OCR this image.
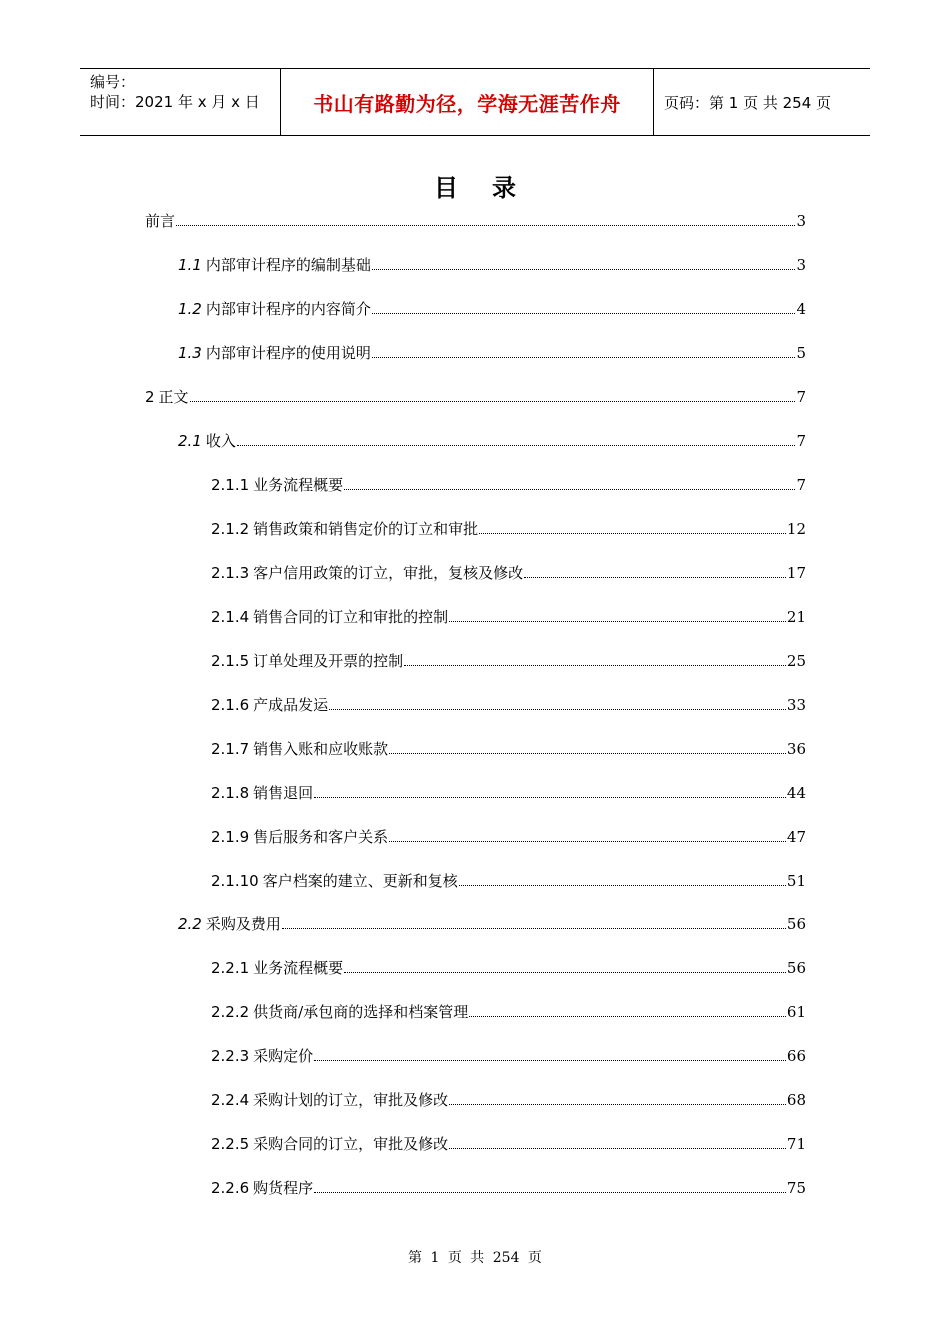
编号：
时间：2021 年 x 月 x 日	书山有路勤为径，学海无涯苦作舟	页码：第 1 页 共 254 页
目录
前言	3
1.1 内部审计程序的编制基础	3
1.2 内部审计程序的内容简介	4
1.3 内部审计程序的使用说明	5
2 正文	7
2.1 收入	7
2.1.1 业务流程概要	7
2.1.2 销售政策和销售定价的订立和审批	12
2.1.3 客户信用政策的订立，审批，复核及修改	17
2.1.4 销售合同的订立和审批的控制	21
2.1.5 订单处理及开票的控制	25
2.1.6 产成品发运	33
2.1.7 销售入账和应收账款	36
2.1.8 销售退回	44
2.1.9 售后服务和客户关系	47
2.1.10 客户档案的建立、更新和复核	51
2.2 采购及费用	56
2.2.1 业务流程概要	56
2.2.2 供货商/承包商的选择和档案管理	61
2.2.3 采购定价	66
2.2.4 采购计划的订立，审批及修改	68
2.2.5 采购合同的订立，审批及修改	71
2.2.6 购货程序	75
第 1 页 共 254 页
